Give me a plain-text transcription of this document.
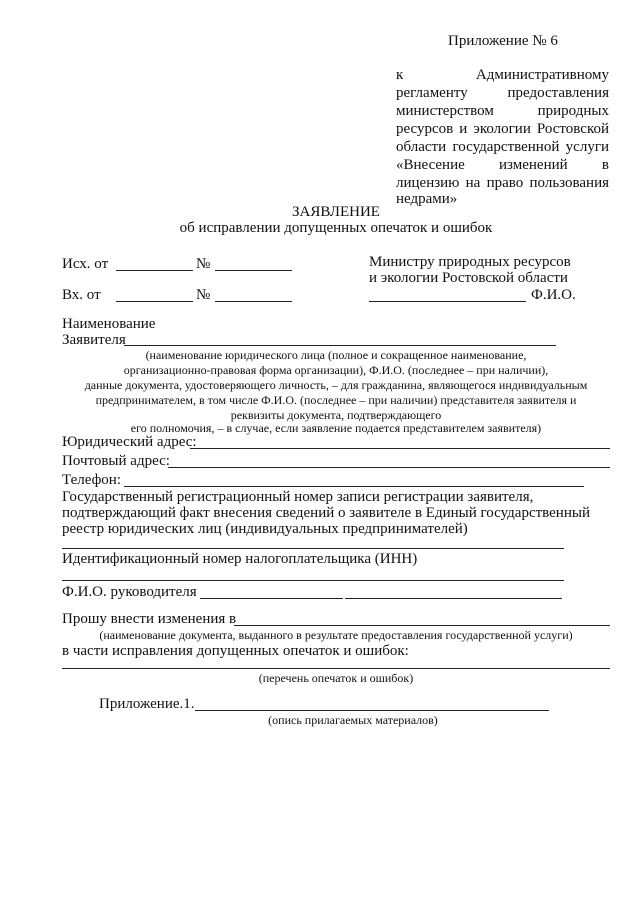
Приложение № 6
к Административному
регламенту предоставления
министерством природных
ресурсов и экологии Ростовской
области государственной услуги
«Внесение изменений в
лицензию на право пользования
недрами»
ЗАЯВЛЕНИЕ
об исправлении допущенных опечаток и ошибок
Исх. от	№
Вх. от	№
Министру природных ресурсов
и экологии Ростовской области
Ф.И.О.
Наименование
Заявителя
(наименование юридического лица (полное и сокращенное наименование,
организационно-правовая форма организации), Ф.И.О. (последнее – при наличии),
данные документа, удостоверяющего личность, – для гражданина, являющегося индивидуальным
предпринимателем, в том числе Ф.И.О. (последнее – при наличии) представителя заявителя и
реквизиты документа, подтверждающего
его полномочия, – в случае, если заявление подается представителем заявителя)
Юридический адрес:
Почтовый адрес:
Телефон:
Государственный регистрационный номер записи регистрации заявителя,
подтверждающий факт внесения сведений о заявителе в Единый государственный
реестр юридических лиц (индивидуальных предпринимателей)
Идентификационный номер налогоплательщика (ИНН)
Ф.И.О. руководителя
Прошу внести изменения в
(наименование документа, выданного в результате предоставления государственной услуги)
в части исправления допущенных опечаток и ошибок:
(перечень опечаток и ошибок)
Приложение.1.
(опись прилагаемых материалов)
